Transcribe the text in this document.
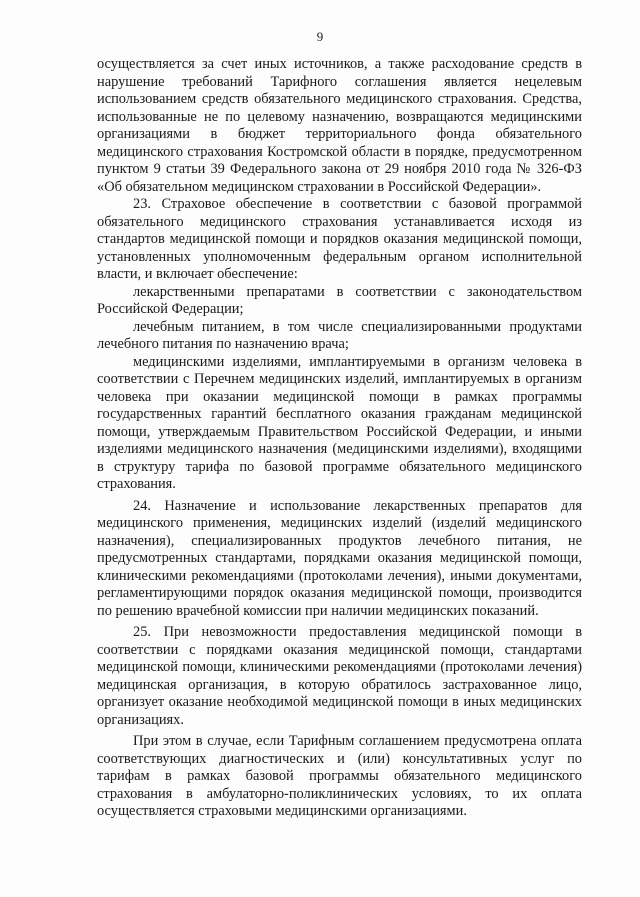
9

осуществляется за счет иных источников, а также расходование средств в нарушение требований Тарифного соглашения является нецелевым использованием средств обязательного медицинского страхования. Средства, использованные не по целевому назначению, возвращаются медицинскими организациями в бюджет территориального фонда обязательного медицинского страхования Костромской области в порядке, предусмотренном пунктом 9 статьи 39 Федерального закона от 29 ноября 2010 года № 326-ФЗ «Об обязательном медицинском страховании в Российской Федерации».

23. Страховое обеспечение в соответствии с базовой программой обязательного медицинского страхования устанавливается исходя из стандартов медицинской помощи и порядков оказания медицинской помощи, установленных уполномоченным федеральным органом исполнительной власти, и включает обеспечение:

лекарственными препаратами в соответствии с законодательством Российской Федерации;

лечебным питанием, в том числе специализированными продуктами лечебного питания по назначению врача;

медицинскими изделиями, имплантируемыми в организм человека в соответствии с Перечнем медицинских изделий, имплантируемых в организм человека при оказании медицинской помощи в рамках программы государственных гарантий бесплатного оказания гражданам медицинской помощи, утверждаемым Правительством Российской Федерации, и иными изделиями медицинского назначения (медицинскими изделиями), входящими в структуру тарифа по базовой программе обязательного медицинского страхования.

24. Назначение и использование лекарственных препаратов для медицинского применения, медицинских изделий (изделий медицинского назначения), специализированных продуктов лечебного питания, не предусмотренных стандартами, порядками оказания медицинской помощи, клиническими рекомендациями (протоколами лечения), иными документами, регламентирующими порядок оказания медицинской помощи, производится по решению врачебной комиссии при наличии медицинских показаний.

25. При невозможности предоставления медицинской помощи в соответствии с порядками оказания медицинской помощи, стандартами медицинской помощи, клиническими рекомендациями (протоколами лечения) медицинская организация, в которую обратилось застрахованное лицо, организует оказание необходимой медицинской помощи в иных медицинских организациях.

При этом в случае, если Тарифным соглашением предусмотрена оплата соответствующих диагностических и (или) консультативных услуг по тарифам в рамках базовой программы обязательного медицинского страхования в амбулаторно-поликлинических условиях, то их оплата осуществляется страховыми медицинскими организациями.
